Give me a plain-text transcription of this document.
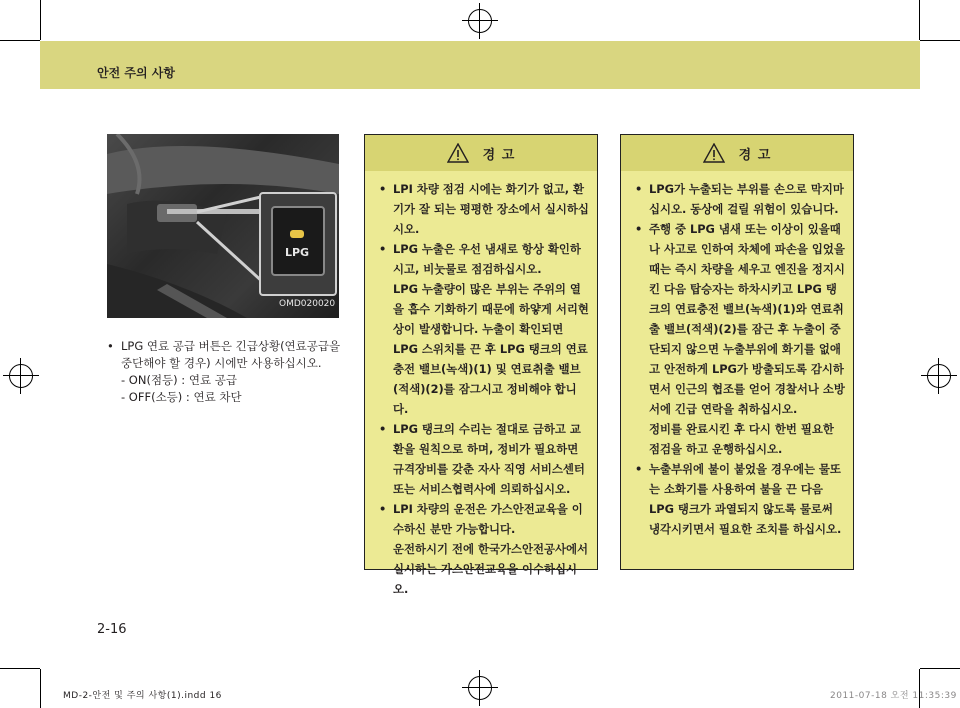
안전 주의 사항
LPG
OMD020020
• LPG 연료 공급 버튼은 긴급상황(연료공급을 중단해야 할 경우) 시에만 사용하십시오.
- ON(점등) : 연료 공급
- OFF(소등) : 연료 차단
경 고
• LPI 차량 점검 시에는 화기가 없고, 환기가 잘 되는 평평한 장소에서 실시하십시오.
• LPG 누출은 우선 냄새로 항상 확인하시고, 비눗물로 점검하십시오.
LPG 누출량이 많은 부위는 주위의 열을 흡수 기화하기 때문에 하얗게 서리현상이 발생합니다. 누출이 확인되면 LPG 스위치를 끈 후 LPG 탱크의 연료충전 밸브(녹색)(1) 및 연료취출 밸브(적색)(2)를 잠그시고 정비해야 합니다.
• LPG 탱크의 수리는 절대로 금하고 교환을 원칙으로 하며, 정비가 필요하면 규격장비를 갖춘 자사 직영 서비스센터 또는 서비스협력사에 의뢰하십시오.
• LPI 차량의 운전은 가스안전교육을 이수하신 분만 가능합니다.
운전하시기 전에 한국가스안전공사에서 실시하는 가스안전교육을 이수하십시오.
경 고
• LPG가 누출되는 부위를 손으로 막지마십시오. 동상에 걸릴 위험이 있습니다.
• 주행 중 LPG 냄새 또는 이상이 있을때나 사고로 인하여 차체에 파손을 입었을때는 즉시 차량을 세우고 엔진을 정지시킨 다음 탑승자는 하차시키고 LPG 탱크의 연료충전 밸브(녹색)(1)와 연료취출 밸브(적색)(2)를 잠근 후 누출이 중단되지 않으면 누출부위에 화기를 없애고 안전하게 LPG가 방출되도록 감시하면서 인근의 협조를 얻어 경찰서나 소방서에 긴급 연락을 취하십시오.
정비를 완료시킨 후 다시 한번 필요한 점검을 하고 운행하십시오.
• 누출부위에 불이 붙었을 경우에는 물또는 소화기를 사용하여 불을 끈 다음 LPG 탱크가 과열되지 않도록 물로써 냉각시키면서 필요한 조치를 하십시오.
2-16
MD-2-안전 및 주의 사항(1).indd 16	2011-07-18 오전 11:35:39
